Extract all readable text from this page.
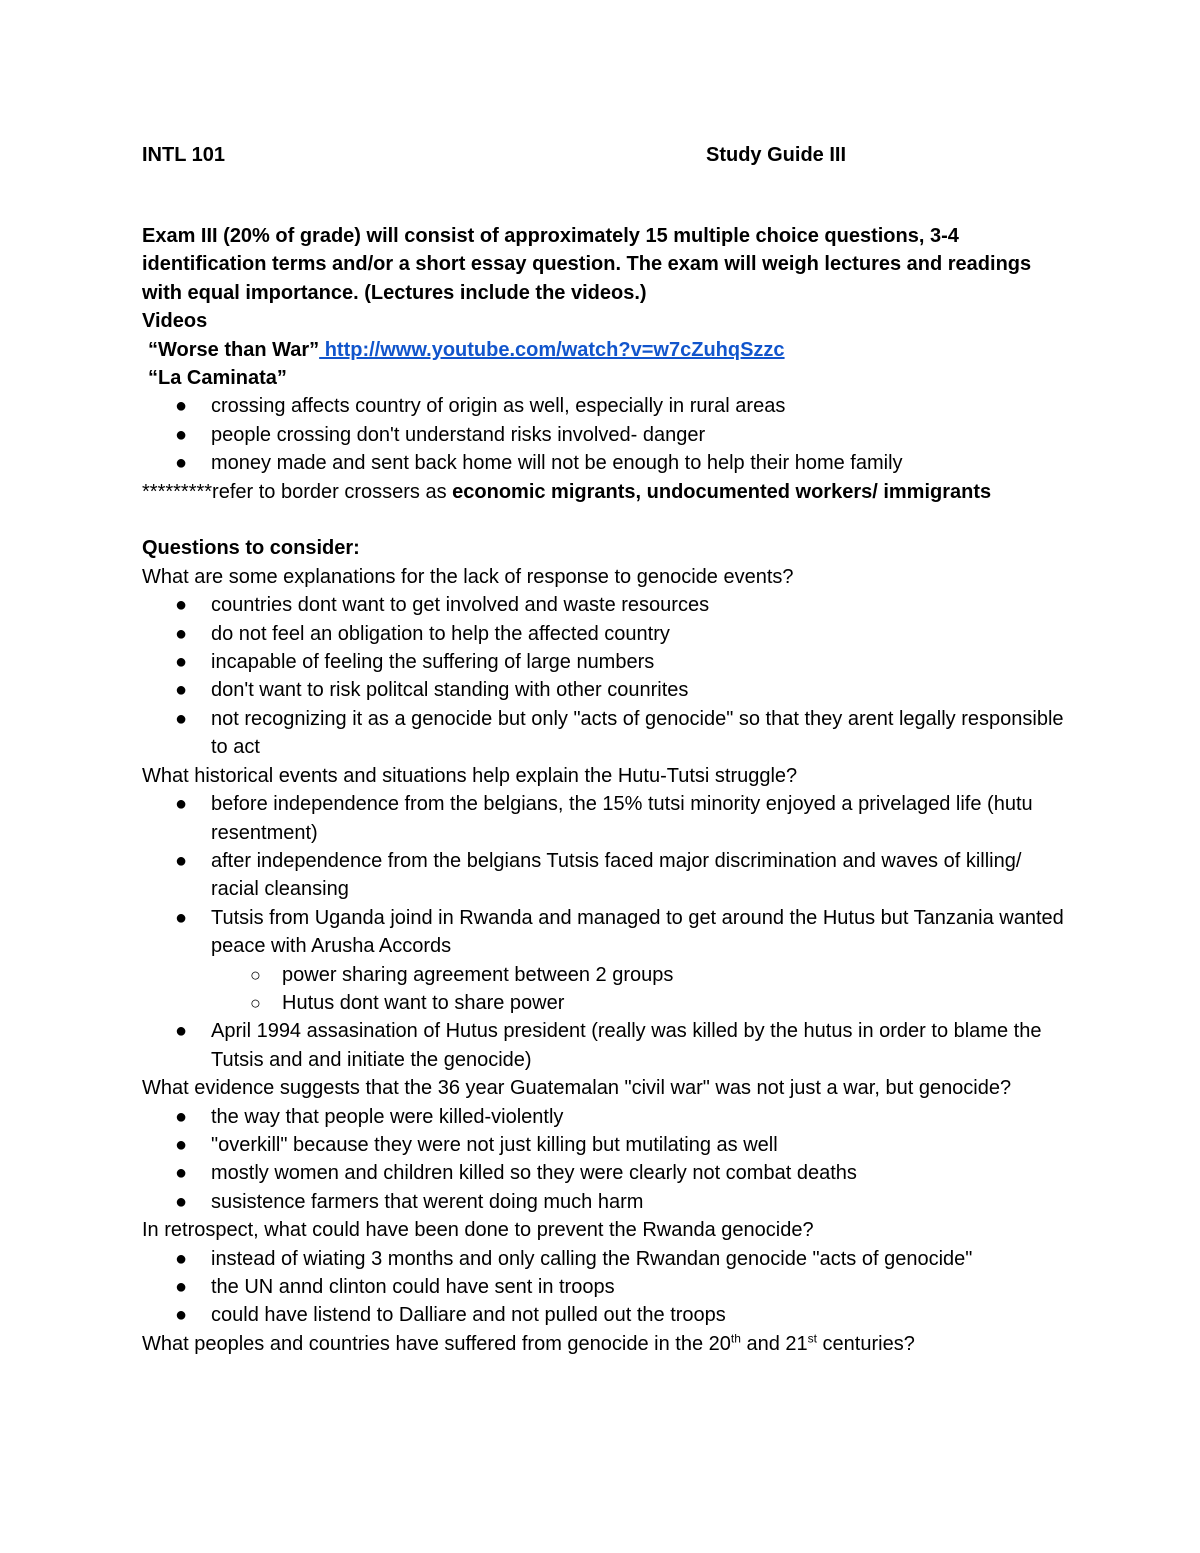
INTL 101	Study Guide III

Exam III (20% of grade) will consist of approximately 15 multiple choice questions, 3-4 identification terms and/or a short essay question. The exam will weigh lectures and readings with equal importance. (Lectures include the videos.)

Videos

“Worse than War” http://www.youtube.com/watch?v=w7cZuhqSzzc

“La Caminata”

●	crossing affects country of origin as well, especially in rural areas
●	people crossing don't understand risks involved- danger
●	money made and sent back home will not be enough to help their home family

*********refer to border crossers as economic migrants, undocumented workers/ immigrants

Questions to consider:

What are some explanations for the lack of response to genocide events?

●	countries dont want to get involved and waste resources
●	do not feel an obligation to help the affected country
●	incapable of feeling the suffering of large numbers
●	don't want to risk politcal standing with other counrites
●	not recognizing it as a genocide but only "acts of genocide" so that they arent legally responsible to act

What historical events and situations help explain the Hutu-Tutsi struggle?

●	before independence from the belgians, the 15% tutsi minority enjoyed a privelaged life (hutu resentment)
●	after independence from the belgians Tutsis faced major discrimination and waves of killing/ racial cleansing
●	Tutsis from Uganda joind in Rwanda and managed to get around the Hutus but Tanzania wanted peace with Arusha Accords
○	power sharing agreement between 2 groups
○	Hutus dont want to share power
●	April 1994 assasination of Hutus president (really was killed by the hutus in order to blame the Tutsis and and initiate the genocide)

What evidence suggests that the 36 year Guatemalan "civil war" was not just a war, but genocide?

●	the way that people were killed-violently
●	"overkill" because they were not just killing but mutilating as well
●	mostly women and children killed so they were clearly not combat deaths
●	susistence farmers that werent doing much harm

In retrospect, what could have been done to prevent the Rwanda genocide?

●	instead of wiating 3 months and only calling the Rwandan genocide "acts of genocide"
●	the UN annd clinton could have sent in troops
●	could have listend to Dalliare and not pulled out the troops

What peoples and countries have suffered from genocide in the 20th and 21st centuries?
